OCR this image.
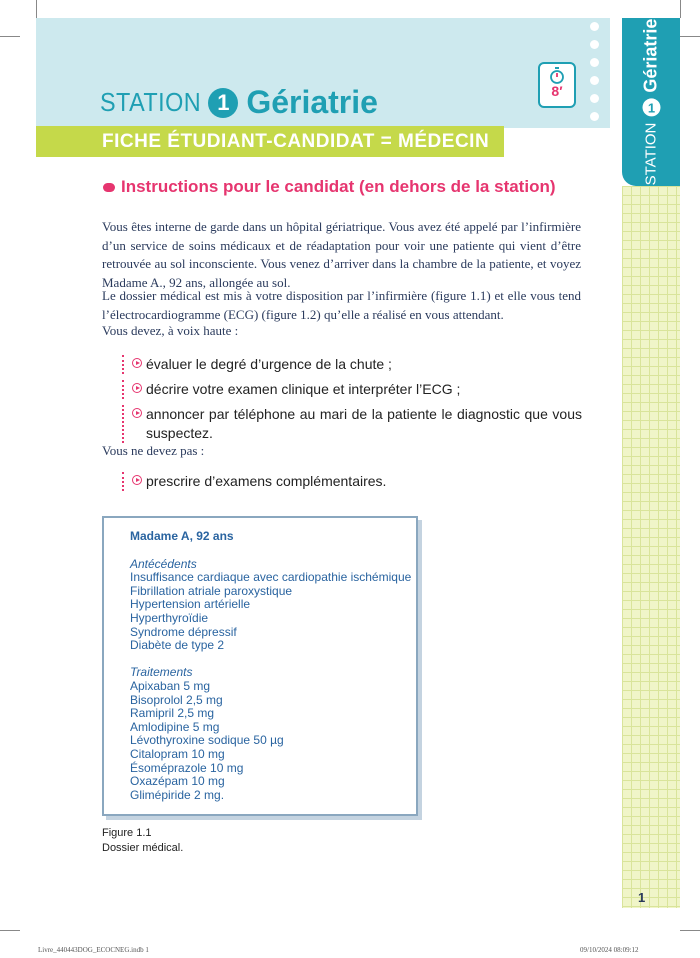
STATION 1 Gériatrie	8′
FICHE ÉTUDIANT-CANDIDAT = MÉDECIN	STATION
1
Gériatrie
1
Instructions pour le candidat (en dehors de la station)

Vous êtes interne de garde dans un hôpital gériatrique. Vous avez été appelé par l’infirmière d’un service de soins médicaux et de réadaptation pour voir une patiente qui vient d’être retrouvée au sol inconsciente. Vous venez d’arriver dans la chambre de la patiente, et voyez Madame A., 92 ans, allongée au sol.

Le dossier médical est mis à votre disposition par l’infirmière (figure 1.1) et elle vous tend l’électrocardiogramme (ECG) (figure 1.2) qu’elle a réalisé en vous attendant.

Vous devez, à voix haute :

évaluer le degré d’urgence de la chute ;
décrire votre examen clinique et interpréter l’ECG ;
annoncer par téléphone au mari de la patiente le diagnostic que vous suspectez.

Vous ne devez pas :

prescrire d’examens complémentaires.
Madame A, 92 ans
Antécédents
Insuffisance cardiaque avec cardiopathie ischémique
Fibrillation atriale paroxystique
Hypertension artérielle
Hyperthyroïdie
Syndrome dépressif
Diabète de type 2
Traitements
Apixaban 5 mg
Bisoprolol 2,5 mg
Ramipril 2,5 mg
Amlodipine 5 mg
Lévothyroxine sodique 50 µg
Citalopram 10 mg
Ésoméprazole 10 mg
Oxazépam 10 mg
Glimépiride 2 mg.
Figure 1.1
Dossier médical.
Livre_440443DOG_ECOCNEG.indb 1	09/10/2024 08:09:12
